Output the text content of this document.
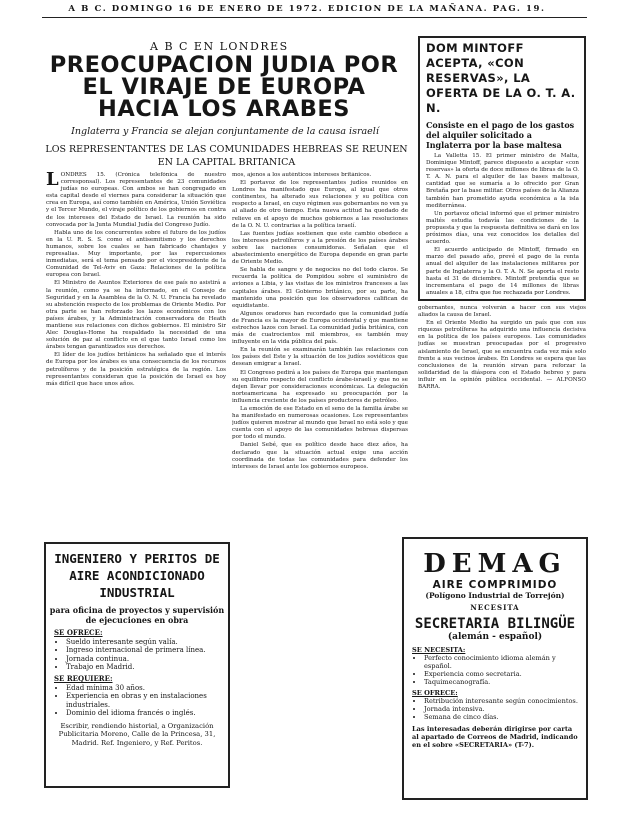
A B C. DOMINGO 16 DE ENERO DE 1972. EDICION DE LA MAÑANA. PAG. 19.
A B C EN LONDRES
PREOCUPACION JUDIA POR EL VIRAJE DE EUROPA HACIA LOS ARABES
Inglaterra y Francia se alejan conjuntamente de la causa israelí
LOS REPRESENTANTES DE LAS COMUNIDADES HEBREAS SE REUNEN EN LA CAPITAL BRITANICA

LONDRES 15. (Crónica telefónica de nuestro corresponsal). Los representantes de 23 comunidades judías no europeas. Con ambos se han congregado en esta capital desde el viernes para considerar la situación que crea en Europa, así como también en América, Unión Soviética y el Tercer Mundo, el viraje político de los gobiernos en contra de los intereses del Estado de Israel. La reunión ha sido convocada por la Junta Mundial Judía del Congreso Judío.

Habla uno de los concurrentes sobre el futuro de los judíos en la U. R. S. S. como el antisemitismo y los derechos humanos, sobre los cuales se han fabricado chantajes y represalias. Muy importante, por las repercusiones inmediatas, será el tema pensado por el vicepresidente de la Comunidad de Tel-Aviv en Gaza: Relaciones de la política europea con Israel.

El Ministro de Asuntos Exteriores de ese país no asistirá a la reunión, como ya se ha informado, en el Consejo de Seguridad y en la Asamblea de la O. N. U. Francia ha revelado su abstención respecto de los problemas de Oriente Medio. Por otra parte se han reforzado los lazos económicos con los países árabes, y la Administración conservadora de Heath mantiene sus relaciones con dichos gobiernos. El ministro Sir Alec Douglas-Home ha respaldado la necesidad de una solución de paz al conflicto en el que tanto Israel como los árabes tengan garantizados sus derechos.

El líder de los judíos británicos ha señalado que el interés de Europa por los árabes es una consecuencia de los recursos petrolíferos y de la posición estratégica de la región. Los representantes consideran que la posición de Israel es hoy más difícil que hace unos años.

mos, ajenos a los auténticos intereses británicos.

El portavoz de los representantes judíos reunidos en Londres ha manifestado que Europa, al igual que otros continentes, ha alterado sus relaciones y su política con respecto a Israel, en cuyo régimen sus gobernantes no ven ya al aliado de otro tiempo. Esta nueva actitud ha quedado de relieve en el apoyo de muchos gobiernos a las resoluciones de la O. N. U. contrarias a la política israelí.

Las fuentes judías sostienen que este cambio obedece a los intereses petrolíferos y a la presión de los países árabes sobre las naciones consumidoras. Señalan que el abastecimiento energético de Europa depende en gran parte de Oriente Medio.

Se habla de sangre y de negocios no del todo claros. Se recuerda la política de Pompidou sobre el suministro de aviones a Libia, y las visitas de los ministros franceses a las capitales árabes. El Gobierno británico, por su parte, ha mantenido una posición que los observadores califican de equidistante.

Algunos oradores han recordado que la comunidad judía de Francia es la mayor de Europa occidental y que mantiene estrechos lazos con Israel. La comunidad judía británica, con más de cuatrocientos mil miembros, es también muy influyente en la vida pública del país.

En la reunión se examinarán también las relaciones con los países del Este y la situación de los judíos soviéticos que desean emigrar a Israel.

El Congreso pedirá a los países de Europa que mantengan su equilibrio respecto del conflicto árabe-israelí y que no se dejen llevar por consideraciones económicas. La delegación norteamericana ha expresado su preocupación por la influencia creciente de los países productores de petróleo.

La emoción de ese Estado en el seno de la familia árabe se ha manifestado en numerosas ocasiones. Los representantes judíos quieren mostrar al mundo que Israel no está solo y que cuenta con el apoyo de las comunidades hebreas dispersas por todo el mundo.

Daniel Sebé, que es político desde hace diez años, ha declarado que la situación actual exige una acción coordinada de todas las comunidades para defender los intereses de Israel ante los gobiernos europeos.

gobernantes, nunca volverán a hacer con sus viejos aliados la causa de Israel.

En el Oriente Medio ha surgido un país que con sus riquezas petrolíferas ha adquirido una influencia decisiva en la política de los países europeos. Las comunidades judías se muestran preocupadas por el progresivo aislamiento de Israel, que se encuentra cada vez más solo frente a sus vecinos árabes. En Londres se espera que las conclusiones de la reunión sirvan para reforzar la solidaridad de la diáspora con el Estado hebreo y para influir en la opinión pública occidental. — ALFONSO BARRA.

DOM MINTOFF ACEPTA, «CON RESERVAS», LA OFERTA DE LA O. T. A. N.
Consiste en el pago de los gastos del alquiler solicitado a Inglaterra por la base maltesa

La Valletta 15. El primer ministro de Malta, Dominique Mintoff, parece dispuesto a aceptar «con reservas» la oferta de doce millones de libras de la O. T. A. N. para el alquiler de las bases maltesas, cantidad que se sumaría a lo ofrecido por Gran Bretaña por la base militar. Otros países de la Alianza también han prometido ayuda económica a la isla mediterránea.

Un portavoz oficial informó que el primer ministro maltés estudia todavía las condiciones de la propuesta y que la respuesta definitiva se dará en los próximos días, una vez conocidos los detalles del acuerdo.

El acuerdo anticipado de Mintoff, firmado en marzo del pasado año, prevé el pago de la renta anual del alquiler de las instalaciones militares por parte de Inglaterra y la O. T. A. N. Se aporta el resto hasta el 31 de diciembre. Mintoff pretendía que se incrementara el pago de 14 millones de libras anuales a 18, cifra que fue rechazada por Londres.

INGENIERO Y PERITOS DE AIRE ACONDICIONADO INDUSTRIAL
para oficina de proyectos y supervisión de ejecuciones en obra
SE OFRECE:
• Sueldo interesante según valía.
• Ingreso internacional de primera línea.
• Jornada continua.
• Trabajo en Madrid.
SE REQUIERE:
• Edad mínima 30 años.
• Experiencia en obras y en instalaciones industriales.
• Dominio del idioma francés o inglés.
Escribir, rendiendo historial, a Organización Publicitaria Moreno, Calle de la Princesa, 31, Madrid. Ref. Ingeniero, y Ref. Peritos.
DEMAG
AIRE COMPRIMIDO
(Polígono Industrial de Torrejón)
NECESITA
SECRETARIA BILINGÜE
(alemán - español)
SE NECESITA:
• Perfecto conocimiento idioma alemán y español.
• Experiencia como secretaria.
• Taquimecanografía.
SE OFRECE:
• Retribución interesante según conocimientos.
• Jornada intensiva.
• Semana de cinco días.
Las interesadas deberán dirigirse por carta al apartado de Correos de Madrid, indicando en el sobre «SECRETARIA» (T-7).
